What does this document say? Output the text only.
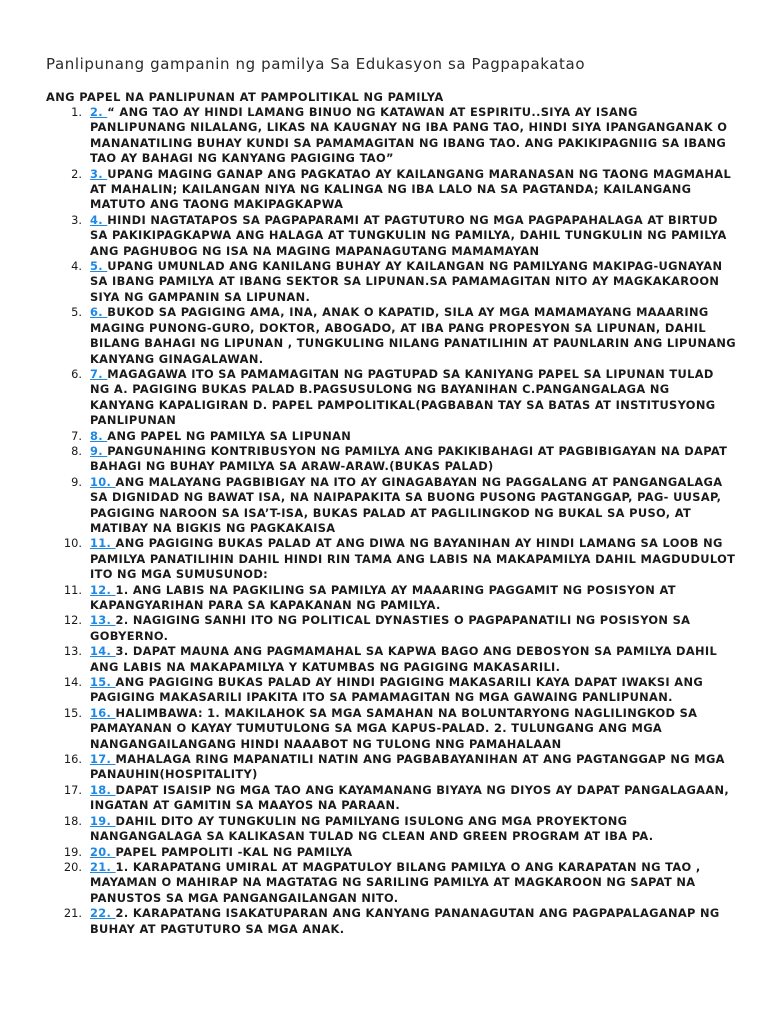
Panlipunang gampanin ng pamilya Sa Edukasyon sa Pagpapakatao
ANG PAPEL NA PANLIPUNAN AT PAMPOLITIKAL NG PAMILYA
1. 2. “ ANG TAO AY HINDI LAMANG BINUO NG KATAWAN AT ESPIRITU..SIYA AY ISANG PANLIPUNANG NILALANG, LIKAS NA KAUGNAY NG IBA PANG TAO, HINDI SIYA IPANGANGANAK O MANANATILING BUHAY KUNDI SA PAMAMAGITAN NG IBANG TAO. ANG PAKIKIPAGNIIG SA IBANG TAO AY BAHAGI NG KANYANG PAGIGING TAO”
2. 3. UPANG MAGING GANAP ANG PAGKATAO AY KAILANGANG MARANASAN NG TAONG MAGMAHAL AT MAHALIN; KAILANGAN NIYA NG KALINGA NG IBA LALO NA SA PAGTANDA; KAILANGANG MATUTO ANG TAONG MAKIPAGKAPWA
3. 4. HINDI NAGTATAPOS SA PAGPAPARAMI AT PAGTUTURO NG MGA PAGPAPAHALAGA AT BIRTUD SA PAKIKIPAGKAPWA ANG HALAGA AT TUNGKULIN NG PAMILYA, DAHIL TUNGKULIN NG PAMILYA ANG PAGHUBOG NG ISA NA MAGING MAPANAGUTANG MAMAMAYAN
4. 5. UPANG UMUNLAD ANG KANILANG BUHAY AY KAILANGAN NG PAMILYANG MAKIPAG-UGNAYAN SA IBANG PAMILYA AT IBANG SEKTOR SA LIPUNAN.SA PAMAMAGITAN NITO AY MAGKAKAROON SIYA NG GAMPANIN SA LIPUNAN.
5. 6. BUKOD SA PAGIGING AMA, INA, ANAK O KAPATID, SILA AY MGA MAMAMAYANG MAAARING MAGING PUNONG-GURO, DOKTOR, ABOGADO, AT IBA PANG PROPESYON SA LIPUNAN, DAHIL BILANG BAHAGI NG LIPUNAN , TUNGKULING NILANG PANATILIHIN AT PAUNLARIN ANG LIPUNANG KANYANG GINAGALAWAN.
6. 7. MAGAGAWA ITO SA PAMAMAGITAN NG PAGTUPAD SA KANIYANG PAPEL SA LIPUNAN TULAD NG A. PAGIGING BUKAS PALAD B.PAGSUSULONG NG BAYANIHAN C.PANGANGALAGA NG KANYANG KAPALIGIRAN D. PAPEL PAMPOLITIKAL(PAGBABAN TAY SA BATAS AT INSTITUSYONG PANLIPUNAN
7. 8. ANG PAPEL NG PAMILYA SA LIPUNAN
8. 9. PANGUNAHING KONTRIBUSYON NG PAMILYA ANG PAKIKIBAHAGI AT PAGBIBIGAYAN NA DAPAT BAHAGI NG BUHAY PAMILYA SA ARAW-ARAW.(BUKAS PALAD)
9. 10. ANG MALAYANG PAGBIBIGAY NA ITO AY GINAGABAYAN NG PAGGALANG AT PANGANGALAGA SA DIGNIDAD NG BAWAT ISA, NA NAIPAPAKITA SA BUONG PUSONG PAGTANGGAP, PAG- UUSAP, PAGIGING NAROON SA ISA’T-ISA, BUKAS PALAD AT PAGLILINGKOD NG BUKAL SA PUSO, AT MATIBAY NA BIGKIS NG PAGKAKAISA
10. 11. ANG PAGIGING BUKAS PALAD AT ANG DIWA NG BAYANIHAN AY HINDI LAMANG SA LOOB NG PAMILYA PANATILIHIN DAHIL HINDI RIN TAMA ANG LABIS NA MAKAPAMILYA DAHIL MAGDUDULOT ITO NG MGA SUMUSUNOD:
11. 12. 1. ANG LABIS NA PAGKILING SA PAMILYA AY MAAARING PAGGAMIT NG POSISYON AT KAPANGYARIHAN PARA SA KAPAKANAN NG PAMILYA.
12. 13. 2. NAGIGING SANHI ITO NG POLITICAL DYNASTIES O PAGPAPANATILI NG POSISYON SA GOBYERNO.
13. 14. 3. DAPAT MAUNA ANG PAGMAMAHAL SA KAPWA BAGO ANG DEBOSYON SA PAMILYA DAHIL ANG LABIS NA MAKAPAMILYA Y KATUMBAS NG PAGIGING MAKASARILI.
14. 15. ANG PAGIGING BUKAS PALAD AY HINDI PAGIGING MAKASARILI KAYA DAPAT IWAKSI ANG PAGIGING MAKASARILI IPAKITA ITO SA PAMAMAGITAN NG MGA GAWAING PANLIPUNAN.
15. 16. HALIMBAWA: 1. MAKILAHOK SA MGA SAMAHAN NA BOLUNTARYONG NAGLILINGKOD SA PAMAYANAN O KAYAY TUMUTULONG SA MGA KAPUS-PALAD. 2. TULUNGANG ANG MGA NANGANGAILANGANG HINDI NAAABOT NG TULONG NNG PAMAHALAAN
16. 17. MAHALAGA RING MAPANATILI NATIN ANG PAGBABAYANIHAN AT ANG PAGTANGGAP NG MGA PANAUHIN(HOSPITALITY)
17. 18. DAPAT ISAISIP NG MGA TAO ANG KAYAMANANG BIYAYA NG DIYOS AY DAPAT PANGALAGAAN, INGATAN AT GAMITIN SA MAAYOS NA PARAAN.
18. 19. DAHIL DITO AY TUNGKULIN NG PAMILYANG ISULONG ANG MGA PROYEKTONG NANGANGALAGA SA KALIKASAN TULAD NG CLEAN AND GREEN PROGRAM AT IBA PA.
19. 20. PAPEL PAMPOLITI -KAL NG PAMILYA
20. 21. 1. KARAPATANG UMIRAL AT MAGPATULOY BILANG PAMILYA O ANG KARAPATAN NG TAO , MAYAMAN O MAHIRAP NA MAGTATAG NG SARILING PAMILYA AT MAGKAROON NG SAPAT NA PANUSTOS SA MGA PANGANGAILANGAN NITO.
21. 22. 2. KARAPATANG ISAKATUPARAN ANG KANYANG PANANAGUTAN ANG PAGPAPALAGANAP NG BUHAY AT PAGTUTURO SA MGA ANAK.
